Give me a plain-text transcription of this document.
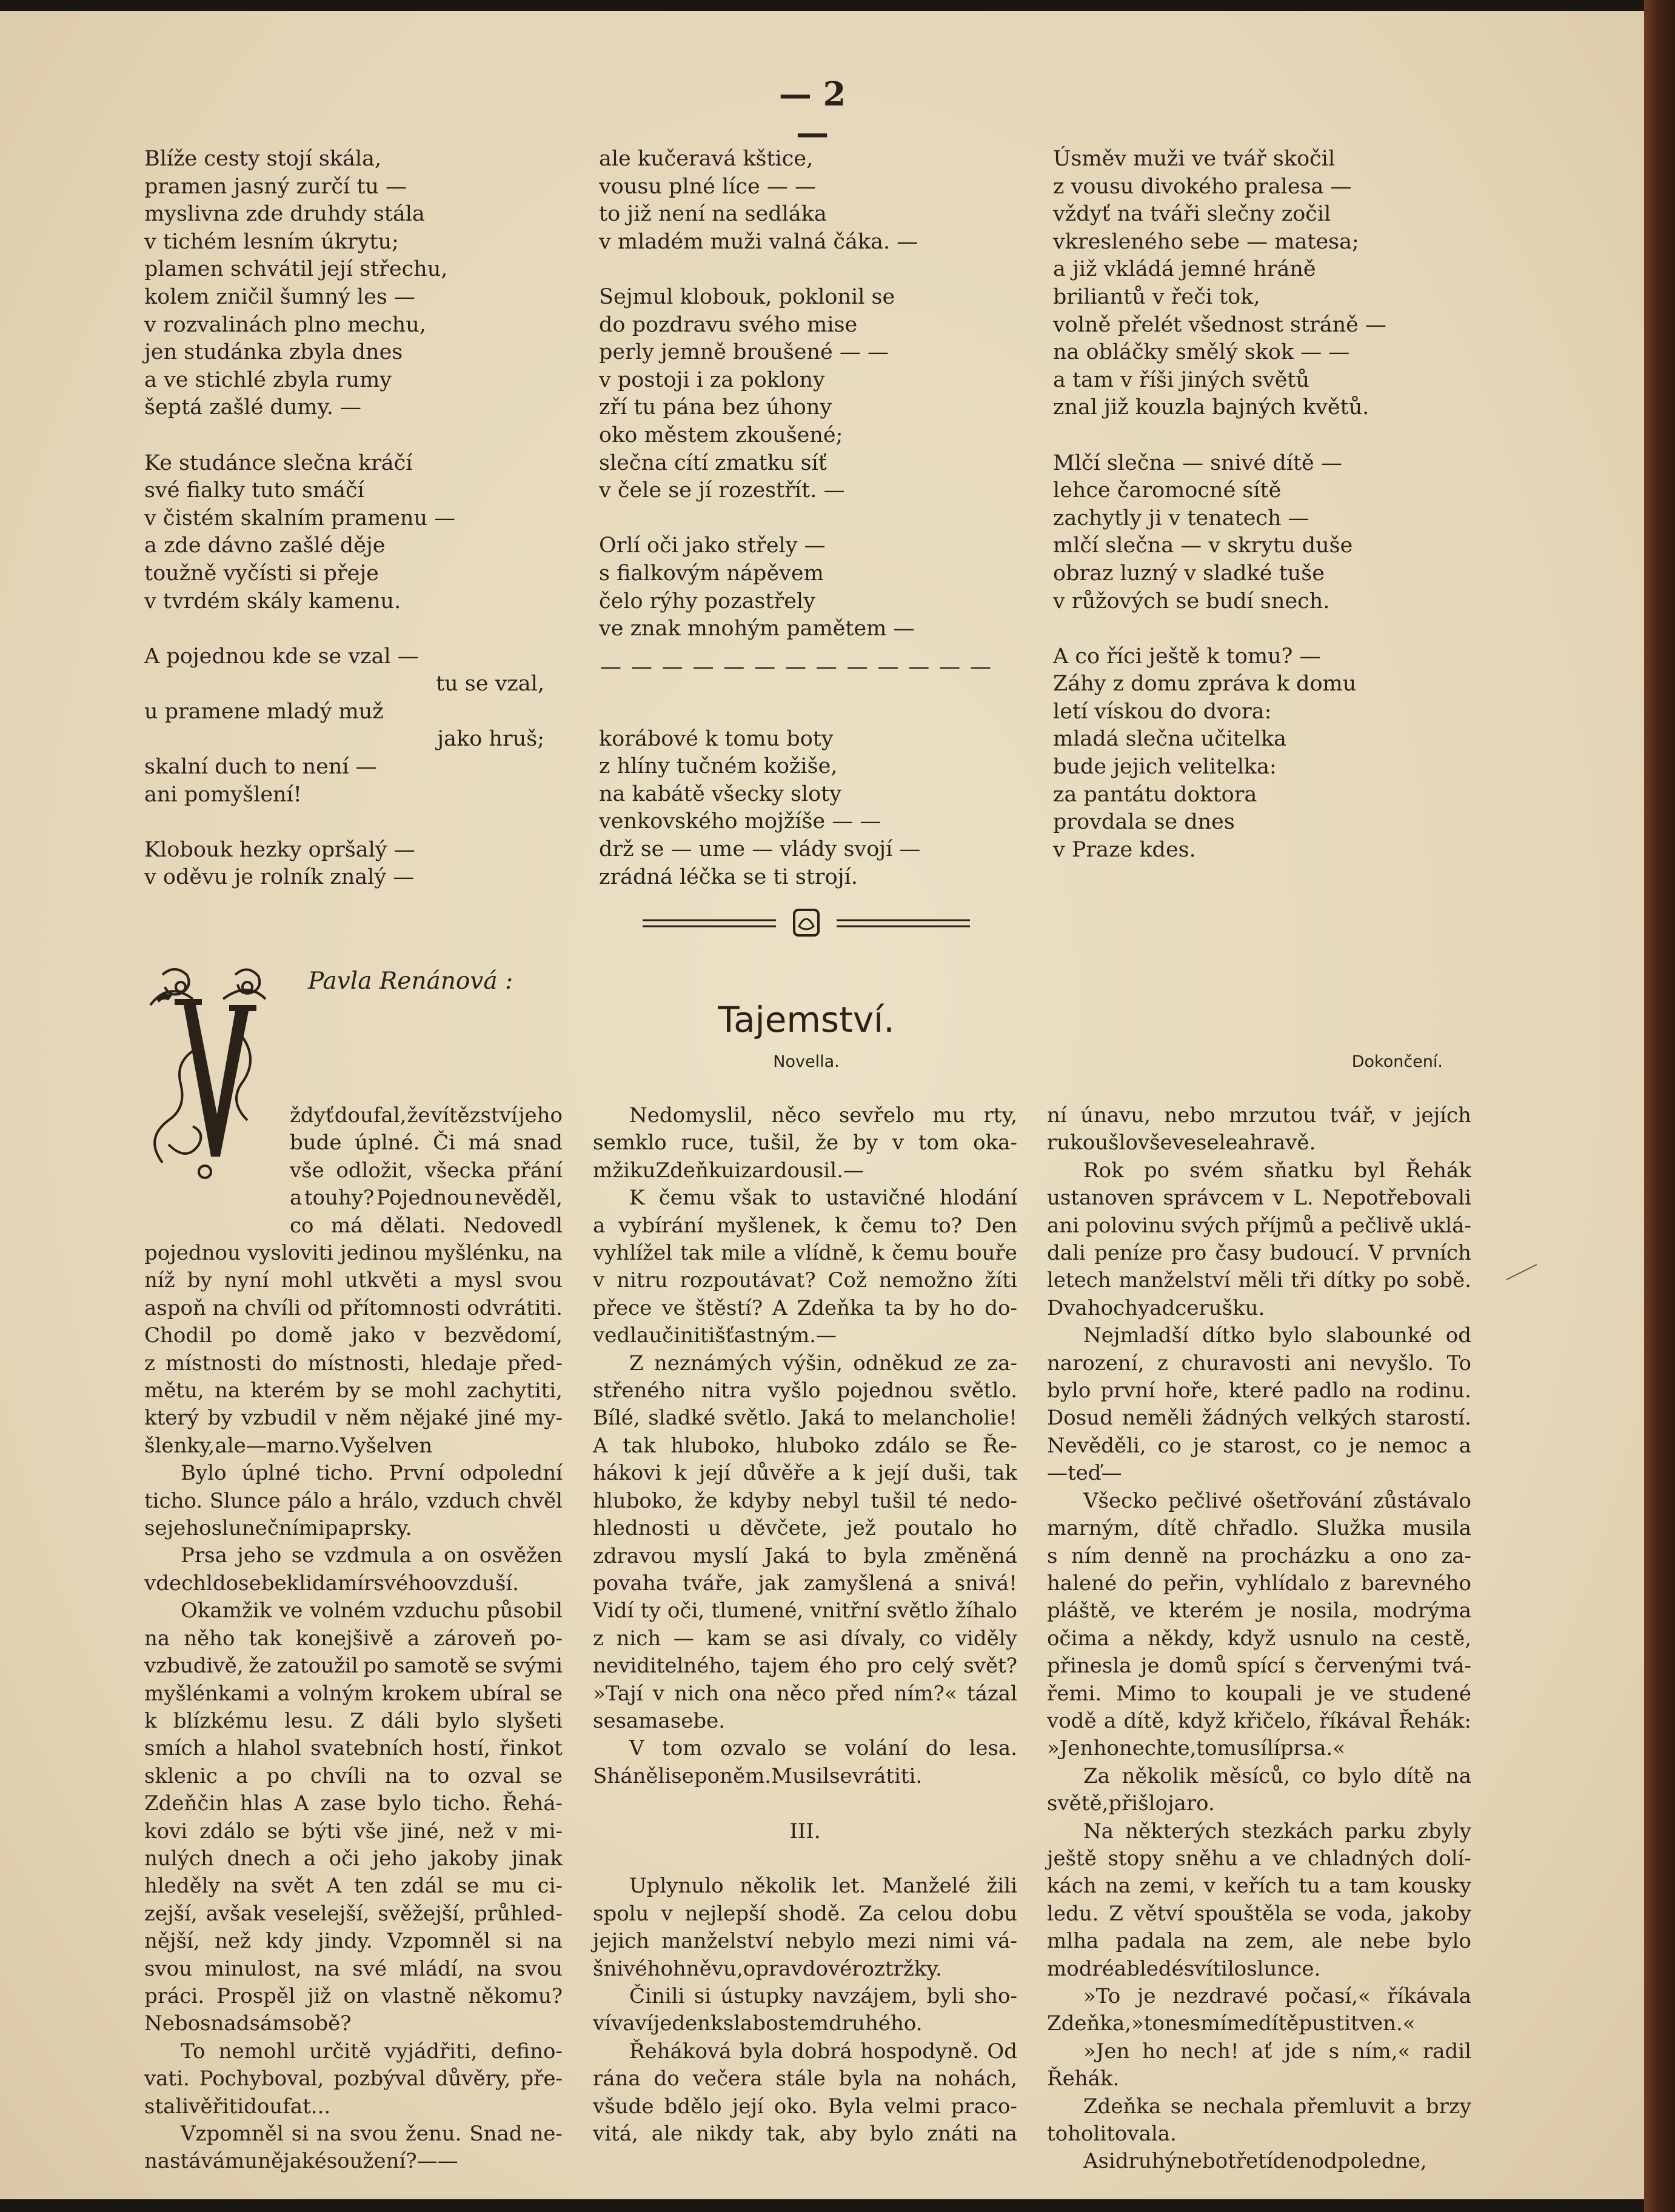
— 2 —
Blíže cesty stojí skála,
pramen jasný zurčí tu —
myslivna zde druhdy stála
v tichém lesním úkrytu;
plamen schvátil její střechu,
kolem zničil šumný les —
v rozvalinách plno mechu,
jen studánka zbyla dnes
a ve stichlé zbyla rumy
šeptá zašlé dumy. —
Ke studánce slečna kráčí
své fialky tuto smáčí
v čistém skalním pramenu —
a zde dávno zašlé děje
toužně vyčísti si přeje
v tvrdém skály kamenu.
A pojednou kde se vzal —
tu se vzal,
u pramene mladý muž
jako hruš;
skalní duch to není —
ani pomyšlení!
Klobouk hezky opršalý —
v oděvu je rolník znalý —
ale kučeravá kštice,
vousu plné líce — —
to již není na sedláka
v mladém muži valná čáka. —
Sejmul klobouk, poklonil se
do pozdravu svého mise
perly jemně broušené — —
v postoji i za poklony
zří tu pána bez úhony
oko městem zkoušené;
slečna cítí zmatku síť
v čele se jí rozestřít. —
Orlí oči jako střely —
s fialkovým nápěvem
čelo rýhy pozastřely
ve znak mnohým pamětem —
korábové k tomu boty
z hlíny tučném kožiše,
na kabátě všecky sloty
venkovského mojžíše — —
drž se — ume — vlády svojí —
zrádná léčka se ti strojí.
— — — — — — — — — — — — —
Úsměv muži ve tvář skočil
z vousu divokého pralesa —
vždyť na tváři slečny zočil
vkresleného sebe — matesa;
a již vkládá jemné hráně
briliantů v řeči tok,
volně přelét všednost stráně —
na obláčky smělý skok — —
a tam v říši jiných světů
znal již kouzla bajných květů.
Mlčí slečna — snivé dítě —
lehce čaromocné sítě
zachytly ji v tenatech —
mlčí slečna — v skrytu duše
obraz luzný v sladké tuše
v růžových se budí snech.
A co říci ještě k tomu? —
Záhy z domu zpráva k domu
letí vískou do dvora:
mladá slečna učitelka
bude jejich velitelka:
za pantátu doktora
provdala se dnes
v Praze kdes.
Pavla Renánová :
Tajemství.
Novella.	Dokončení.
ždyť doufal, že vítězství jeho
bude úplné. Či má snad
vše odložit, všecka přání
a touhy? Pojednou nevěděl,
co má dělati. Nedovedl
pojednou vysloviti jedinou myšlénku, na
níž by nyní mohl utkvěti a mysl svou
aspoň na chvíli od přítomnosti odvrátiti.
Chodil po domě jako v bezvědomí,
z místnosti do místnosti, hledaje před-
mětu, na kterém by se mohl zachytiti,
který by vzbudil v něm nějaké jiné my-
šlenky, ale — marno. Vyšel ven
Bylo úplné ticho. První odpolední
ticho. Slunce pálo a hrálo, vzduch chvěl
se jeho slunečními paprsky.
Prsa jeho se vzdmula a on osvěžen
vdechl do sebe klid a mír svého ovzduší.
Okamžik ve volném vzduchu působil
na něho tak konejšivě a zároveň po-
vzbudivě, že zatoužil po samotě se svými
myšlénkami a volným krokem ubíral se
k blízkému lesu. Z dáli bylo slyšeti
smích a hlahol svatebních hostí, řinkot
sklenic a po chvíli na to ozval se
Zdeňčin hlas A zase bylo ticho. Řehá-
kovi zdálo se býti vše jiné, než v mi-
nulých dnech a oči jeho jakoby jinak
hleděly na svět A ten zdál se mu ci-
zejší, avšak veselejší, svěžejší, průhled-
nější, než kdy jindy. Vzpomněl si na
svou minulost, na své mládí, na svou
práci. Prospěl již on vlastně někomu?
Nebo snad sám sobě?
To nemohl určitě vyjádřiti, defino-
vati. Pochyboval, pozbýval důvěry, pře-
stal i věřit i doufat . . .
Vzpomněl si na svou ženu. Snad ne-
nastává mu nějaké soužení? — —
Nedomyslil, něco sevřelo mu rty,
semklo ruce, tušil, že by v tom oka-
mžiku Zdeňku i zardousil. —
K čemu však to ustavičné hlodání
a vybírání myšlenek, k čemu to? Den
vyhlížel tak mile a vlídně, k čemu bouře
v nitru rozpoutávat? Což nemožno žíti
přece ve štěstí? A Zdeňka ta by ho do-
vedla učiniti šťastným. —
Z neznámých výšin, odněkud ze za-
střeného nitra vyšlo pojednou světlo.
Bílé, sladké světlo. Jaká to melancholie!
A tak hluboko, hluboko zdálo se Ře-
hákovi k její důvěře a k její duši, tak
hluboko, že kdyby nebyl tušil té nedo-
hlednosti u děvčete, jež poutalo ho
zdravou myslí Jaká to byla změněná
povaha tváře, jak zamyšlená a snivá!
Vidí ty oči, tlumené, vnitřní světlo žíhalo
z nich — kam se asi dívaly, co viděly
neviditelného, tajem ého pro celý svět?
»Tají v nich ona něco před ním?« tázal
se sama sebe.
V tom ozvalo se volání do lesa.
Sháněli se po něm. Musil se vrátiti.
III.
Uplynulo několik let. Manželé žili
spolu v nejlepší shodě. Za celou dobu
jejich manželství nebylo mezi nimi vá-
šnivého hněvu, opravdové roztržky.
Činili si ústupky navzájem, byli sho-
vívaví jeden k slabostem druhého.
Řeháková byla dobrá hospodyně. Od
rána do večera stále byla na nohách,
všude bdělo její oko. Byla velmi praco-
vitá, ale nikdy tak, aby bylo znáti na
ní únavu, nebo mrzutou tvář, v jejích
rukou šlo vše vesele a hravě.
Rok po svém sňatku byl Řehák
ustanoven správcem v L. Nepotřebovali
ani polovinu svých příjmů a pečlivě uklá-
dali peníze pro časy budoucí. V prvních
letech manželství měli tři dítky po sobě.
Dva hochy a dcerušku.
Nejmladší dítko bylo slabounké od
narození, z churavosti ani nevyšlo. To
bylo první hoře, které padlo na rodinu.
Dosud neměli žádných velkých starostí.
Nevěděli, co je starost, co je nemoc a
— teď —
Všecko pečlivé ošetřování zůstávalo
marným, dítě chřadlo. Služka musila
s ním denně na procházku a ono za-
halené do peřin, vyhlídalo z barevného
pláště, ve kterém je nosila, modrýma
očima a někdy, když usnulo na cestě,
přinesla je domů spící s červenými tvá-
řemi. Mimo to koupali je ve studené
vodě a dítě, když křičelo, říkával Řehák:
»Jen ho nechte, to mu sílí prsa.«
Za několik měsíců, co bylo dítě na
světě, přišlo jaro.
Na některých stezkách parku zbyly
ještě stopy sněhu a ve chladných dolí-
kách na zemi, v keřích tu a tam kousky
ledu. Z větví spouštěla se voda, jakoby
mlha padala na zem, ale nebe bylo
modré a bledé svítilo slunce.
»To je nezdravé počasí,« říkávala
Zdeňka, »to nesmíme dítě pustit ven.«
»Jen ho nech! ať jde s ním,« radil
Řehák.
Zdeňka se nechala přemluvit a brzy
toho litovala.
Asi druhý nebo třetí den odpoledne,
